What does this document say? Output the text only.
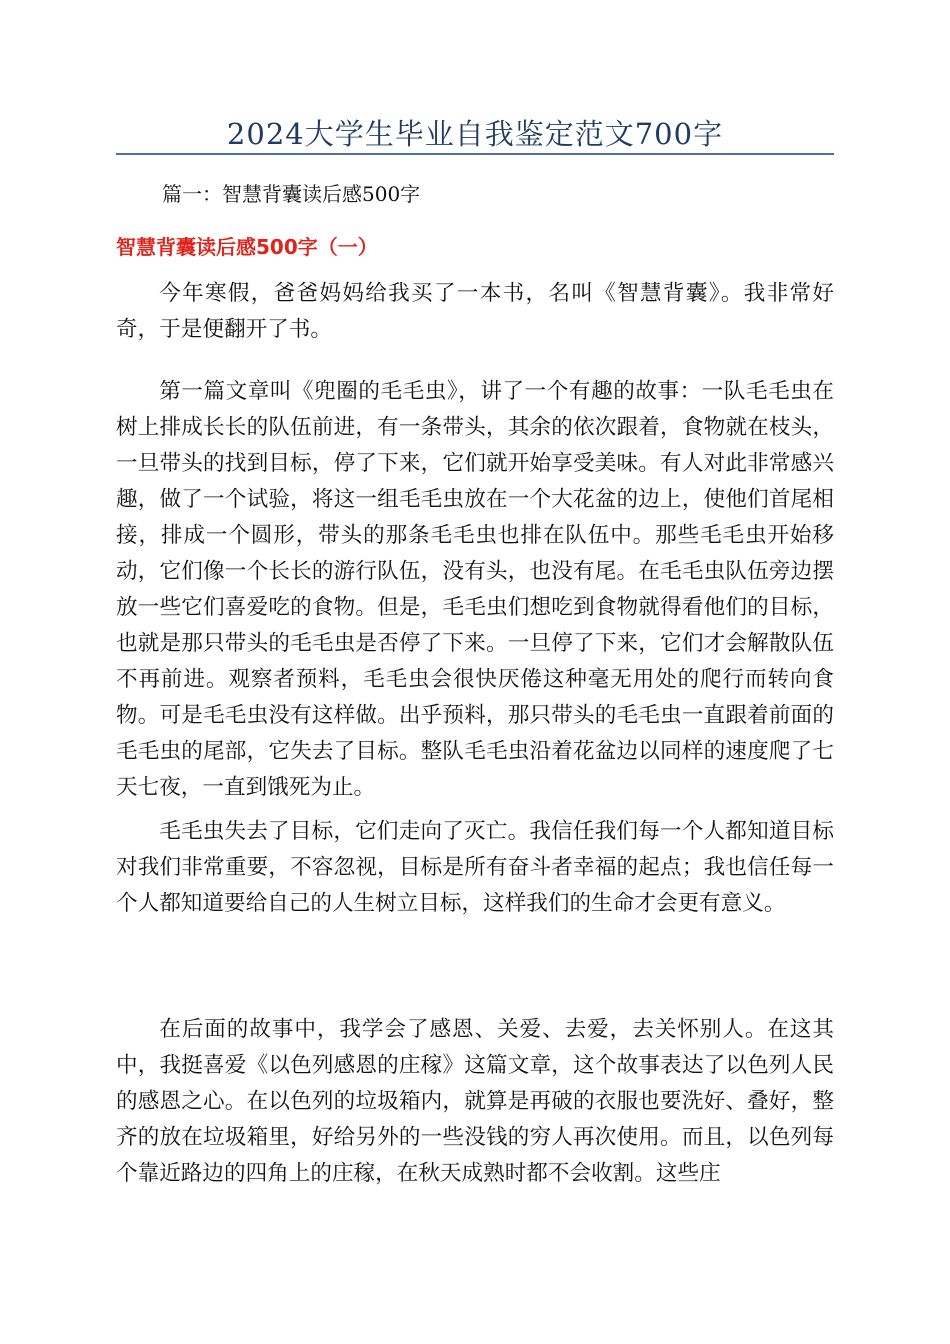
2024大学生毕业自我鉴定范文700字

篇一：智慧背囊读后感500字

智慧背囊读后感500字（一）

今年寒假，爸爸妈妈给我买了一本书，名叫《智慧背囊》。我非常好奇，于是便翻开了书。

第一篇文章叫《兜圈的毛毛虫》，讲了一个有趣的故事：一队毛毛虫在树上排成长长的队伍前进，有一条带头，其余的依次跟着，食物就在枝头，一旦带头的找到目标，停了下来，它们就开始享受美味。有人对此非常感兴趣，做了一个试验，将这一组毛毛虫放在一个大花盆的边上，使他们首尾相接，排成一个圆形，带头的那条毛毛虫也排在队伍中。那些毛毛虫开始移动，它们像一个长长的游行队伍，没有头，也没有尾。在毛毛虫队伍旁边摆放一些它们喜爱吃的食物。但是，毛毛虫们想吃到食物就得看他们的目标，也就是那只带头的毛毛虫是否停了下来。一旦停了下来，它们才会解散队伍不再前进。观察者预料，毛毛虫会很快厌倦这种毫无用处的爬行而转向食物。可是毛毛虫没有这样做。出乎预料，那只带头的毛毛虫一直跟着前面的毛毛虫的尾部，它失去了目标。整队毛毛虫沿着花盆边以同样的速度爬了七天七夜，一直到饿死为止。

毛毛虫失去了目标，它们走向了灭亡。我信任我们每一个人都知道目标对我们非常重要，不容忽视，目标是所有奋斗者幸福的起点；我也信任每一个人都知道要给自己的人生树立目标，这样我们的生命才会更有意义。

在后面的故事中，我学会了感恩、关爱、去爱，去关怀别人。在这其中，我挺喜爱《以色列感恩的庄稼》这篇文章，这个故事表达了以色列人民的感恩之心。在以色列的垃圾箱内，就算是再破的衣服也要洗好、叠好，整齐的放在垃圾箱里，好给另外的一些没钱的穷人再次使用。而且，以色列每个靠近路边的四角上的庄稼，在秋天成熟时都不会收割。这些庄
